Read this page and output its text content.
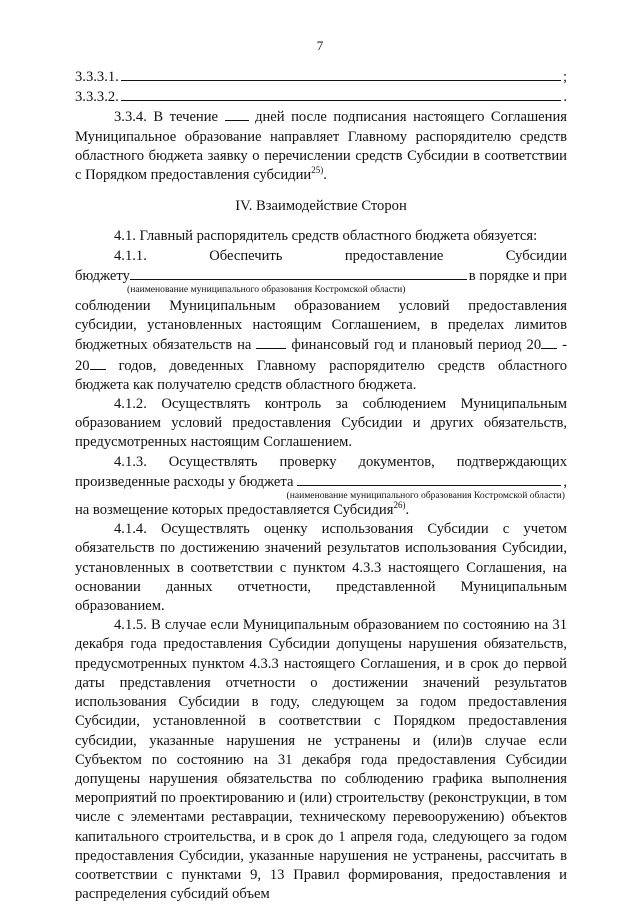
7
3.3.3.1.	;
3.3.3.2.	.

3.3.4. В течение  дней после подписания настоящего Соглашения Муниципальное образование направляет Главному распорядителю средств областного бюджета заявку о перечислении средств Субсидии в соответствии с Порядком предоставления субсидии$^{25)}$.

IV. Взаимодействие Сторон

4.1. Главный распорядитель средств областного бюджета обязуется:

4.1.1.	Обеспечить	предоставление	Субсидии
бюджету	в порядке и при
(наименование муниципального образования Костромской области)

соблюдении Муниципальным образованием условий предоставления субсидии, установленных настоящим Соглашением, в пределах лимитов бюджетных обязательств на  финансовый год и плановый период 20 - 20 годов, доведенных Главному распорядителю средств областного бюджета как получателю средств областного бюджета.

4.1.2. Осуществлять контроль за соблюдением Муниципальным образованием условий предоставления Субсидии и других обязательств, предусмотренных настоящим Соглашением.

4.1.3. Осуществлять проверку документов, подтверждающих
произведенные расходы у бюджета	,
(наименование муниципального образования Костромской области)

на возмещение которых предоставляется Субсидия$^{26)}$.

4.1.4. Осуществлять оценку использования Субсидии с учетом обязательств по достижению значений результатов использования Субсидии, установленных в соответствии с пунктом 4.3.3 настоящего Соглашения, на основании данных отчетности, представленной Муниципальным образованием.

4.1.5. В случае если Муниципальным образованием по состоянию на 31 декабря года предоставления Субсидии допущены нарушения обязательств, предусмотренных пунктом 4.3.3 настоящего Соглашения, и в срок до первой даты представления отчетности о достижении значений результатов использования Субсидии в году, следующем за годом предоставления Субсидии, установленной в соответствии с Порядком предоставления субсидии, указанные нарушения не устранены и (или)в случае если Субъектом по состоянию на 31 декабря года предоставления Субсидии допущены нарушения обязательства по соблюдению графика выполнения мероприятий по проектированию и (или) строительству (реконструкции, в том числе с элементами реставрации, техническому перевооружению) объектов капитального строительства, и в срок до 1 апреля года, следующего за годом предоставления Субсидии, указанные нарушения не устранены, рассчитать в соответствии с пунктами 9, 13 Правил формирования, предоставления и распределения субсидий объем
